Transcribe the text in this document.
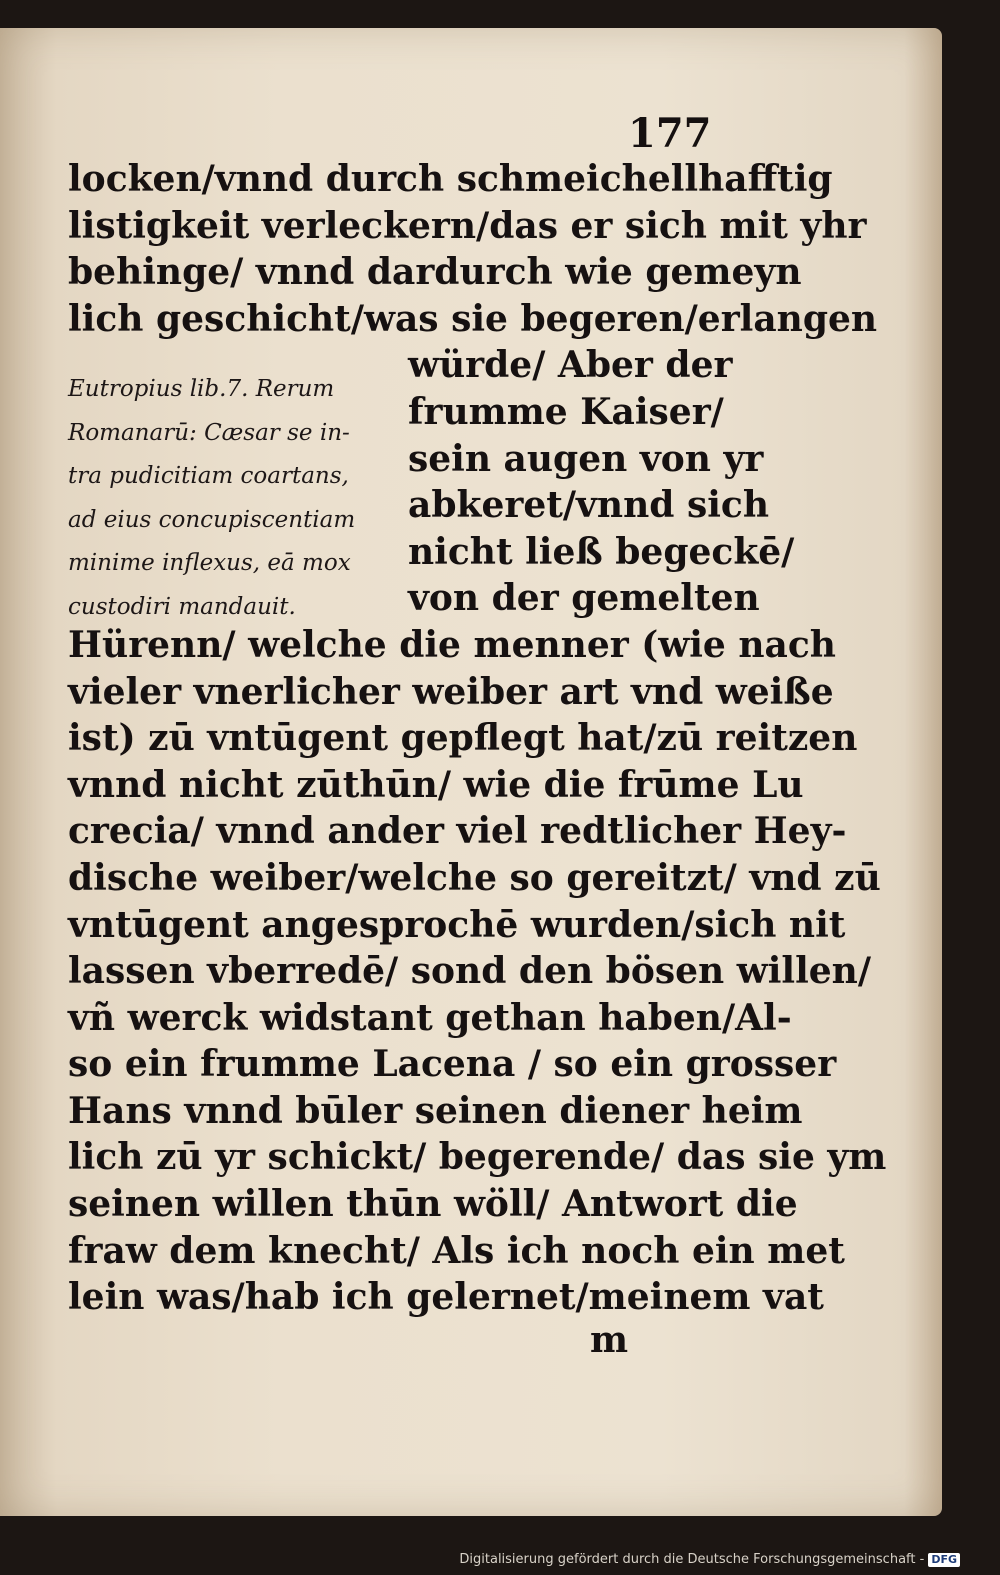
177

locken/vnnd durch schmeichellhafftig
listigkeit verleckern/das er sich mit yhr
behinge/ vnnd dardurch wie gemeyn
lich geschicht/was sie begeren/erlangen
würde/ Aber der
frumme Kaiser/
sein augen von yr
abkeret/vnnd sich
nicht ließ begeckē/
von der gemelten
Hürenn/ welche die menner (wie nach
vieler vnerlicher weiber art vnd weiße
ist) zū vntūgent gepflegt hat/zū reitzen
vnnd nicht zūthūn/ wie die frūme Lu
crecia/ vnnd ander viel redtlicher Hey-
dische weiber/welche so gereitzt/ vnd zū
vntūgent angesprochē wurden/sich nit
lassen vberredē/ sond den bösen willen/
vñ werck widstant gethan haben/Al-
so ein frumme Lacena / so ein grosser
Hans vnnd būler seinen diener heim
lich zū yr schickt/ begerende/ das sie ym
seinen willen thūn wöll/ Antwort die
fraw dem knecht/ Als ich noch ein met
lein was/hab ich gelernet/meinem vat
Eutropius lib.7. Rerum
Romanarū: Cæsar se in-
tra pudicitiam coartans,
ad eius concupiscentiam
minime inflexus, eā mox
custodiri mandauit.

m

Digitalisierung gefördert durch die Deutsche Forschungsgemeinschaft - DFG
